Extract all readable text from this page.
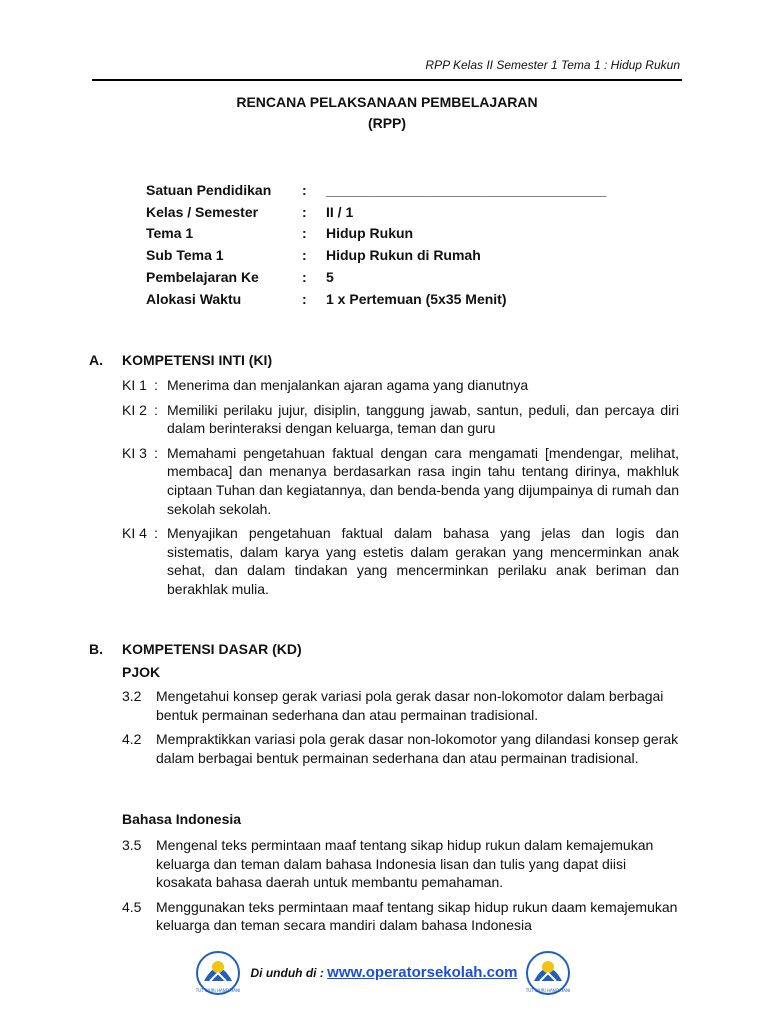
RPP Kelas II Semester 1 Tema 1 : Hidup Rukun
RENCANA PELAKSANAAN PEMBELAJARAN
(RPP)
Satuan Pendidikan	:	____________________________________
Kelas / Semester	:	II / 1
Tema 1	:	Hidup Rukun
Sub Tema 1	:	Hidup Rukun di Rumah
Pembelajaran Ke	:	5
Alokasi Waktu	:	1 x Pertemuan (5x35 Menit)
A.	KOMPETENSI INTI (KI)
KI 1 : Menerima dan menjalankan ajaran agama yang dianutnya
KI 2 : Memiliki perilaku jujur, disiplin, tanggung jawab, santun, peduli, dan percaya diri dalam berinteraksi dengan keluarga, teman dan guru
KI 3 : Memahami pengetahuan faktual dengan cara mengamati [mendengar, melihat, membaca] dan menanya berdasarkan rasa ingin tahu tentang dirinya, makhluk ciptaan Tuhan dan kegiatannya, dan benda-benda yang dijumpainya di rumah dan sekolah sekolah.
KI 4 : Menyajikan pengetahuan faktual dalam bahasa yang jelas dan logis dan sistematis, dalam karya yang estetis dalam gerakan yang mencerminkan anak sehat, dan dalam tindakan yang mencerminkan perilaku anak beriman dan berakhlak mulia.
B.	KOMPETENSI DASAR (KD)
PJOK
3.2	Mengetahui konsep gerak variasi pola gerak dasar non-lokomotor dalam berbagai bentuk permainan sederhana dan atau permainan tradisional.
4.2	Mempraktikkan variasi pola gerak dasar non-lokomotor yang dilandasi konsep gerak dalam berbagai bentuk permainan sederhana dan atau permainan tradisional.
Bahasa Indonesia
3.5	Mengenal teks permintaan maaf tentang sikap hidup rukun dalam kemajemukan keluarga dan teman dalam bahasa Indonesia lisan dan tulis yang dapat diisi kosakata bahasa daerah untuk membantu pemahaman.
4.5	Menggunakan teks permintaan maaf tentang sikap hidup rukun daam kemajemukan keluarga dan teman secara mandiri dalam bahasa Indonesia
TUT WURI HANDAYANI
Di unduh di : www.operatorsekolah.com
TUT WURI HANDAYANI
